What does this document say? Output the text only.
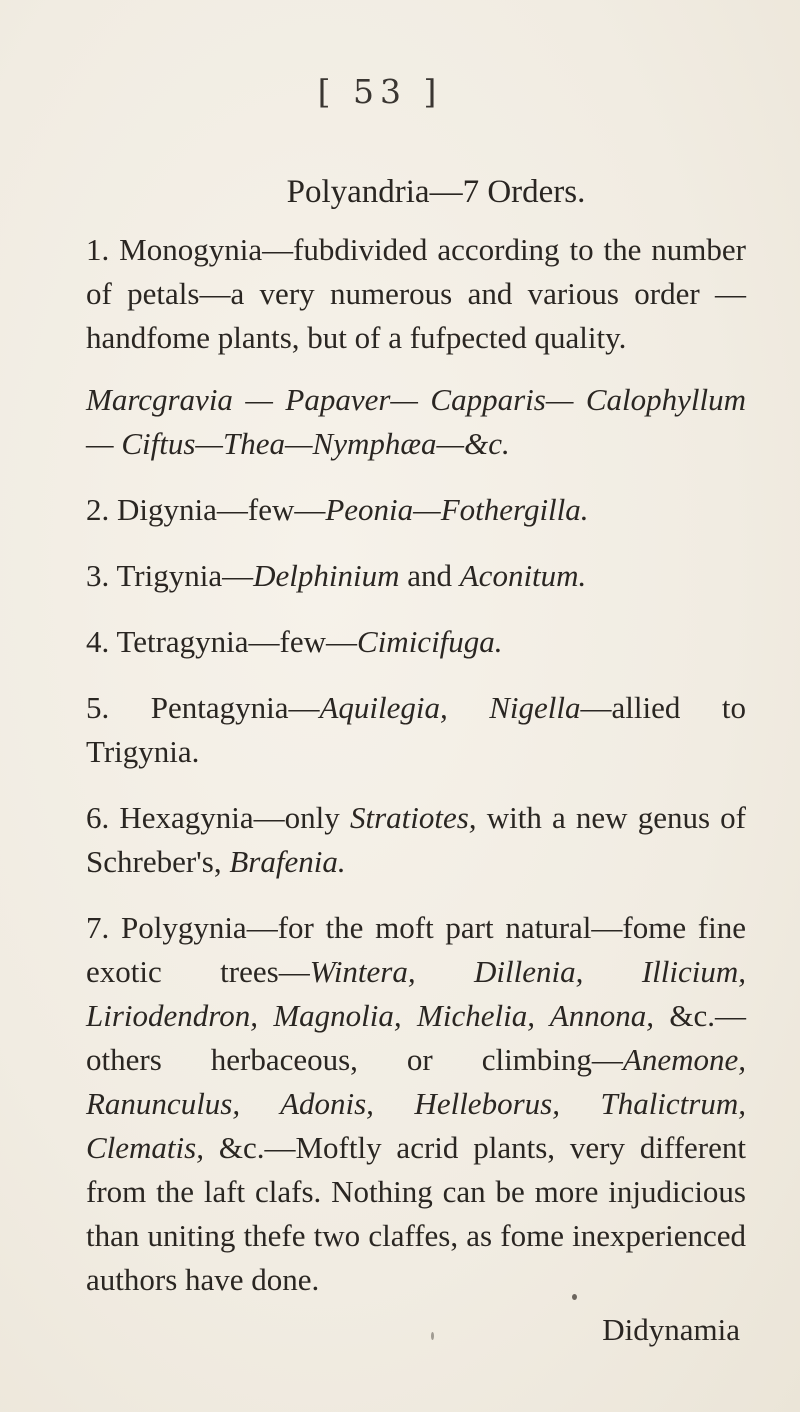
[ 53 ]
Polyandria—7 Orders.

1. Monogynia—fubdivided according to the number of petals—a very numerous and various order — handfome plants, but of a fufpected quality.

Marcgravia — Papaver— Capparis— Calophyllum— Ciftus—Thea—Nymphæa—&c.

2. Digynia—few—Peonia—Fothergilla.

3. Trigynia—Delphinium and Aconitum.

4. Tetragynia—few—Cimicifuga.

5. Pentagynia—Aquilegia, Nigella—allied to Trigynia.

6. Hexagynia—only Stratiotes, with a new genus of Schreber's, Brafenia.

7. Polygynia—for the moft part natural—fome fine exotic trees—Wintera, Dillenia, Illicium, Liriodendron, Magnolia, Michelia, Annona, &c.—others herbaceous, or climbing—Anemone, Ranunculus, Adonis, Helleborus, Thalictrum, Clematis, &c.—Moftly acrid plants, very different from the laft clafs. Nothing can be more injudicious than uniting thefe two claffes, as fome inexperienced authors have done.

Didynamia
